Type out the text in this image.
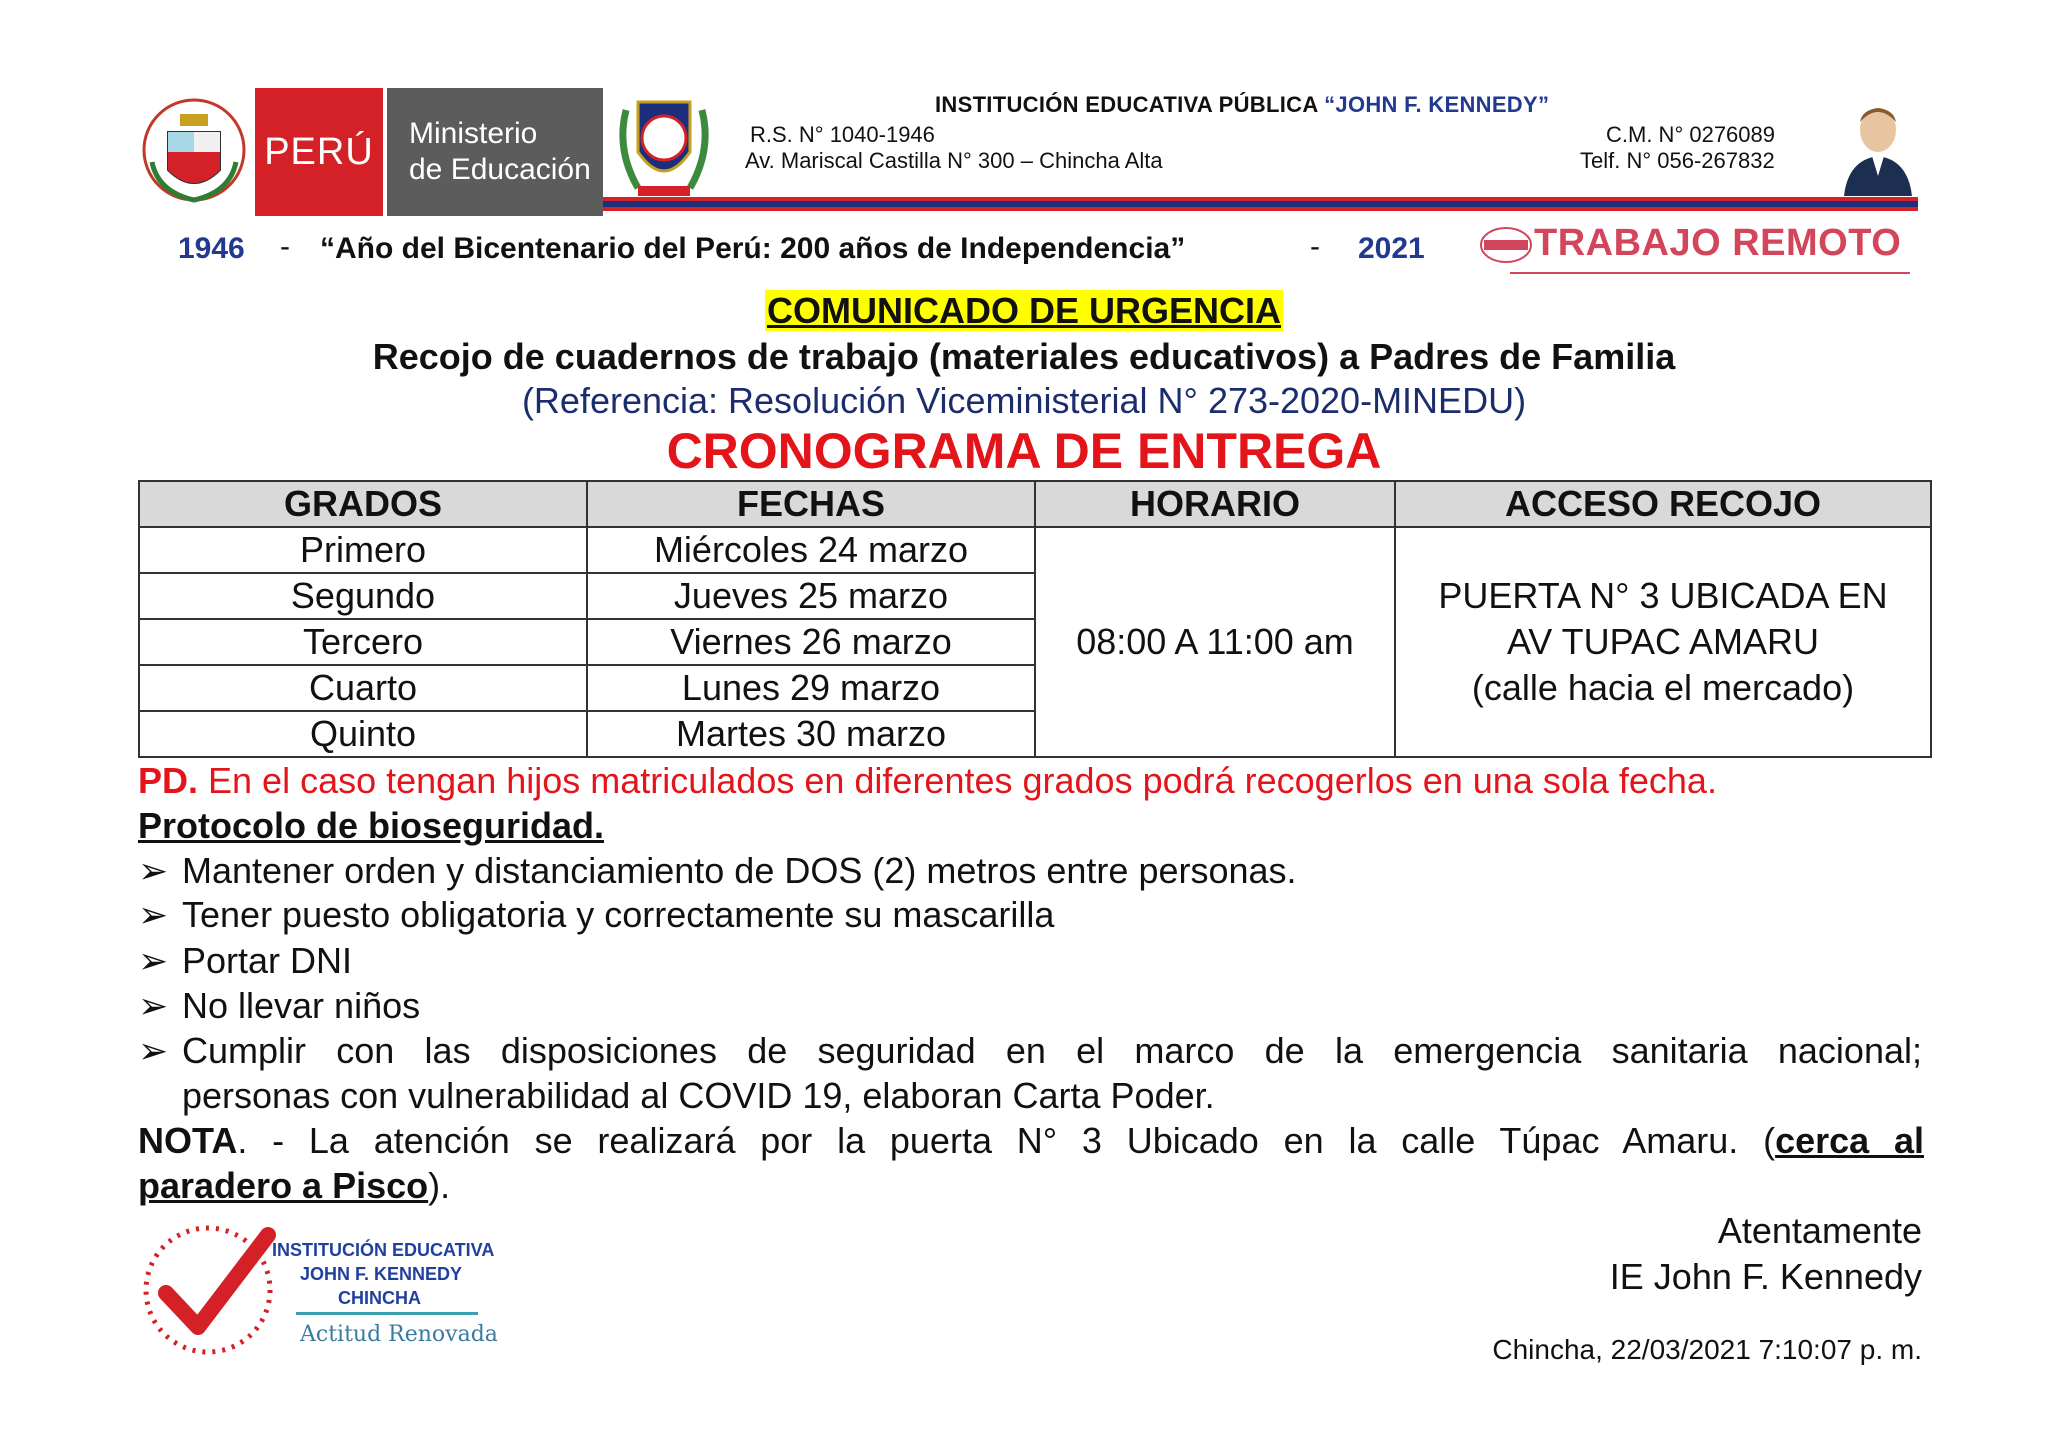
PERÚ Ministerio
de Educación
INSTITUCIÓN EDUCATIVA PÚBLICA “JOHN F. KENNEDY”
R.S. N° 1040-1946
Av. Mariscal Castilla N° 300 – Chincha Alta
C.M. N° 0276089
Telf. N° 056-267832
1946 - “Año del Bicentenario del Perú: 200 años de Independencia”	- 2021	TRABAJO REMOTO
COMUNICADO DE URGENCIA
Recojo de cuadernos de trabajo (materiales educativos) a Padres de Familia
(Referencia: Resolución Viceministerial N° 273-2020-MINEDU)
CRONOGRAMA DE ENTREGA
GRADOS	FECHAS	HORARIO	ACCESO RECOJO
Primero	Miércoles 24 marzo	08:00 A 11:00 am	PUERTA N° 3 UBICADA EN
AV TUPAC AMARU
(calle hacia el mercado)

Segundo	Jueves 25 marzo		
Tercero	Viernes 26 marzo		
Cuarto	Lunes 29 marzo		
Quinto	Martes 30 marzo		
PD. En el caso tengan hijos matriculados en diferentes grados podrá recogerlos en una sola fecha.
Protocolo de bioseguridad.
➢ Mantener orden y distanciamiento de DOS (2) metros entre personas.
➢ Tener puesto obligatoria y correctamente su mascarilla
➢ Portar DNI
➢ No llevar niños
➢ Cumplir con las disposiciones de seguridad en el marco de la emergencia sanitaria nacional;
personas con vulnerabilidad al COVID 19, elaboran Carta Poder.
NOTA. - La atención se realizará por la puerta N° 3 Ubicado en la calle Túpac Amaru. (cerca al
paradero a Pisco).
Atentamente
IE John F. Kennedy
Chincha, 22/03/2021 7:10:07 p. m.
INSTITUCIÓN EDUCATIVA
JOHN F. KENNEDY
CHINCHA
Actitud Renovada
